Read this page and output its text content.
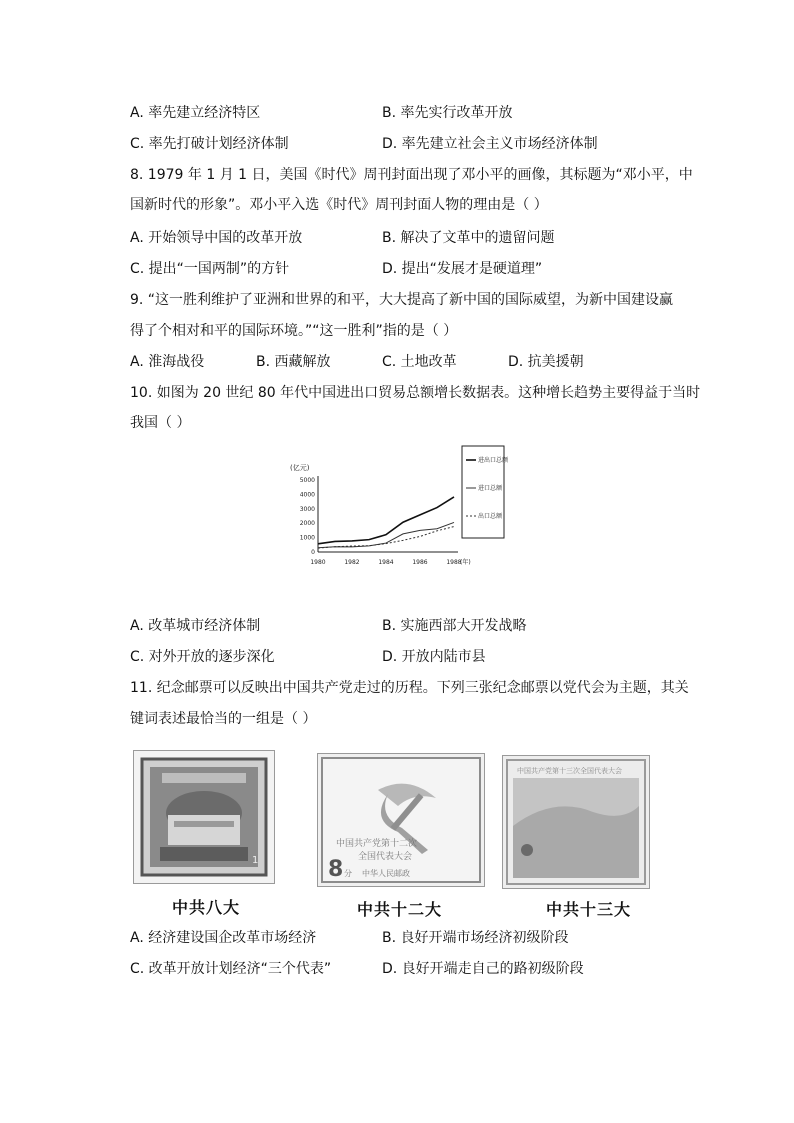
A. 率先建立经济特区	B. 率先实行改革开放
C. 率先打破计划经济体制	D. 率先建立社会主义市场经济体制
8. 1979 年 1 月 1 日，美国《时代》周刊封面出现了邓小平的画像，其标题为“邓小平，中
国新时代的形象”。邓小平入选《时代》周刊封面人物的理由是（ ）
A. 开始领导中国的改革开放	B. 解决了文革中的遗留问题
C. 提出“一国两制”的方针	D. 提出“发展才是硬道理”
9. “这一胜利维护了亚洲和世界的和平，大大提高了新中国的国际威望，为新中国建设赢
得了个相对和平的国际环境。”“这一胜利”指的是（ ）
A. 淮海战役	B. 西藏解放	C. 土地改革	D. 抗美援朝
10. 如图为 20 世纪 80 年代中国进出口贸易总额增长数据表。这种增长趋势主要得益于当时
我国（ ）
(亿元)
0
1000
2000
3000
4000
5000
1980	1982	1984	1986	1988
(年)
进出口总额
进口总额
出口总额
A. 改革城市经济体制	B. 实施西部大开发战略
C. 对外开放的逐步深化	D. 开放内陆市县
11. 纪念邮票可以反映出中国共产党走过的历程。下列三张纪念邮票以党代会为主题，其关
键词表述最恰当的一组是（ ）
1
中共八大
中国共产党第十二次
全国代表大会
8 分 中华人民邮政
中共十二大
中国共产党第十三次全国代表大会
中共十三大
A. 经济建设国企改革市场经济	B. 良好开端市场经济初级阶段
C. 改革开放计划经济“三个代表”	D. 良好开端走自己的路初级阶段
